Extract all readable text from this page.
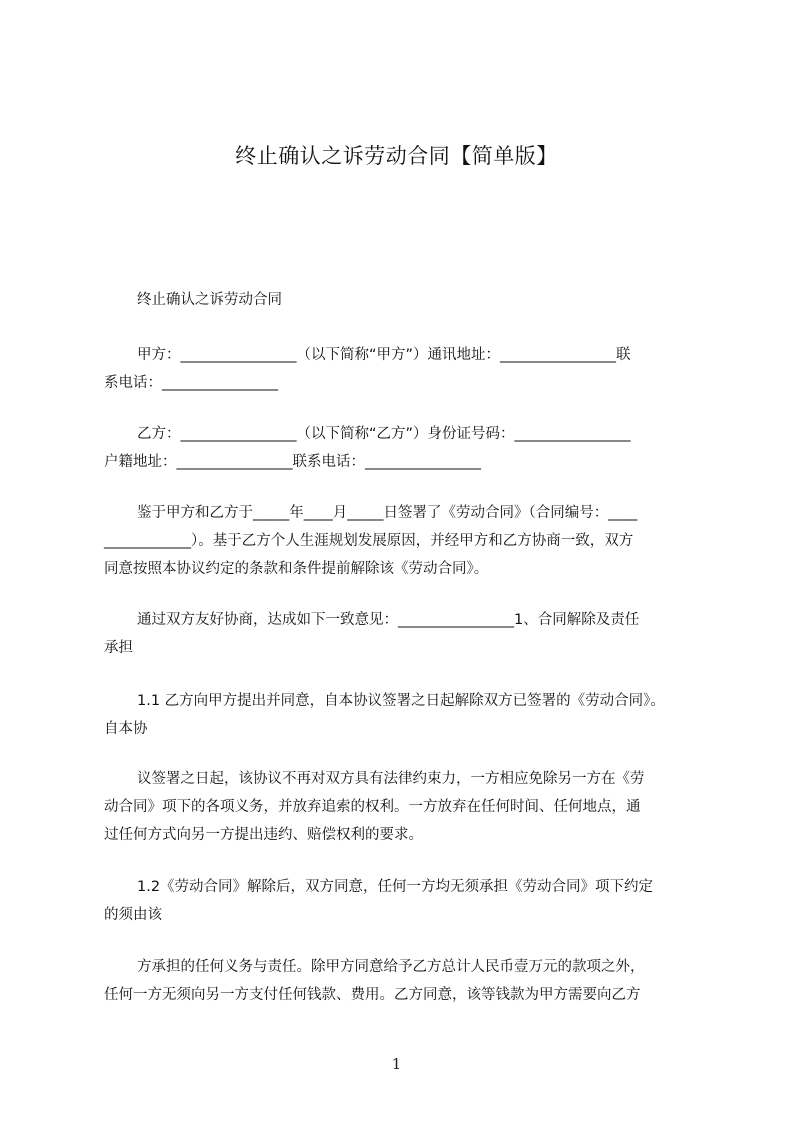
终止确认之诉劳动合同【简单版】
终止确认之诉劳动合同
甲方：________________（以下简称“甲方”）通讯地址：________________联
系电话：________________
乙方：________________（以下简称“乙方”）身份证号码：________________
户籍地址：________________联系电话：________________
鉴于甲方和乙方于_____年____月_____日签署了《劳动合同》（合同编号：____
____________）。基于乙方个人生涯规划发展原因，并经甲方和乙方协商一致，双方
同意按照本协议约定的条款和条件提前解除该《劳动合同》。
通过双方友好协商，达成如下一致意见：________________1、合同解除及责任
承担
1.1 乙方向甲方提出并同意，自本协议签署之日起解除双方已签署的《劳动合同》。
自本协
议签署之日起，该协议不再对双方具有法律约束力，一方相应免除另一方在《劳
动合同》项下的各项义务，并放弃追索的权利。一方放弃在任何时间、任何地点，通
过任何方式向另一方提出违约、赔偿权利的要求。
1.2《劳动合同》解除后，双方同意，任何一方均无须承担《劳动合同》项下约定
的须由该
方承担的任何义务与责任。除甲方同意给予乙方总计人民币壹万元的款项之外，
任何一方无须向另一方支付任何钱款、费用。乙方同意，该等钱款为甲方需要向乙方
1
